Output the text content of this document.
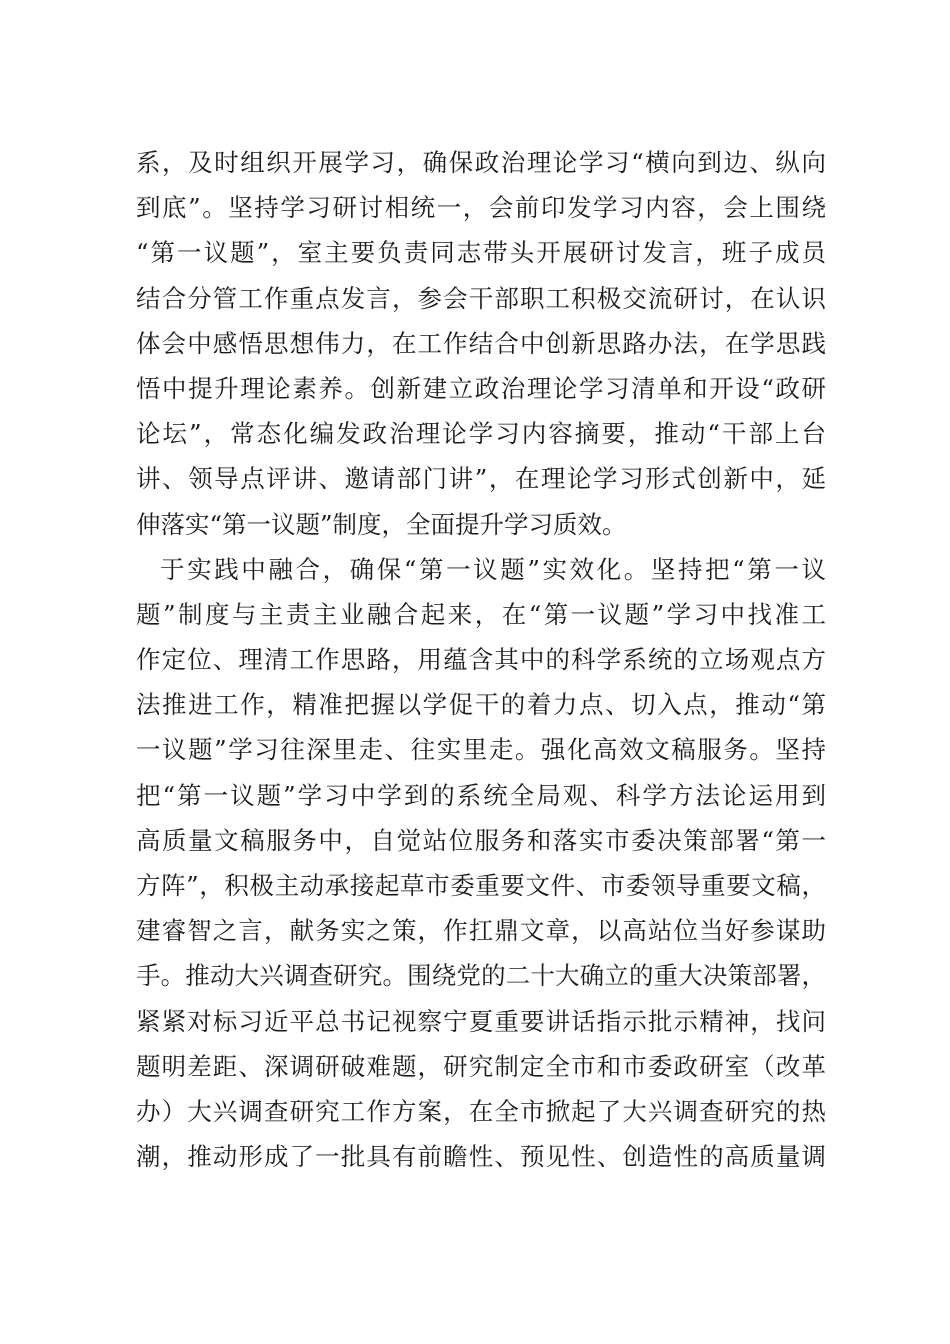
系，及时组织开展学习，确保政治理论学习“横向到边、纵向
到底”。坚持学习研讨相统一，会前印发学习内容，会上围绕
“第一议题”，室主要负责同志带头开展研讨发言，班子成员
结合分管工作重点发言，参会干部职工积极交流研讨，在认识
体会中感悟思想伟力，在工作结合中创新思路办法，在学思践
悟中提升理论素养。创新建立政治理论学习清单和开设“政研
论坛”，常态化编发政治理论学习内容摘要，推动“干部上台
讲、领导点评讲、邀请部门讲”，在理论学习形式创新中，延
伸落实“第一议题”制度，全面提升学习质效。
于实践中融合，确保“第一议题”实效化。坚持把“第一议
题”制度与主责主业融合起来，在“第一议题”学习中找准工
作定位、理清工作思路，用蕴含其中的科学系统的立场观点方
法推进工作，精准把握以学促干的着力点、切入点，推动“第
一议题”学习往深里走、往实里走。强化高效文稿服务。坚持
把“第一议题”学习中学到的系统全局观、科学方法论运用到
高质量文稿服务中，自觉站位服务和落实市委决策部署“第一
方阵”，积极主动承接起草市委重要文件、市委领导重要文稿，
建睿智之言，献务实之策，作扛鼎文章，以高站位当好参谋助
手。推动大兴调查研究。围绕党的二十大确立的重大决策部署，
紧紧对标习近平总书记视察宁夏重要讲话指示批示精神，找问
题明差距、深调研破难题，研究制定全市和市委政研室（改革
办）大兴调查研究工作方案，在全市掀起了大兴调查研究的热
潮，推动形成了一批具有前瞻性、预见性、创造性的高质量调
